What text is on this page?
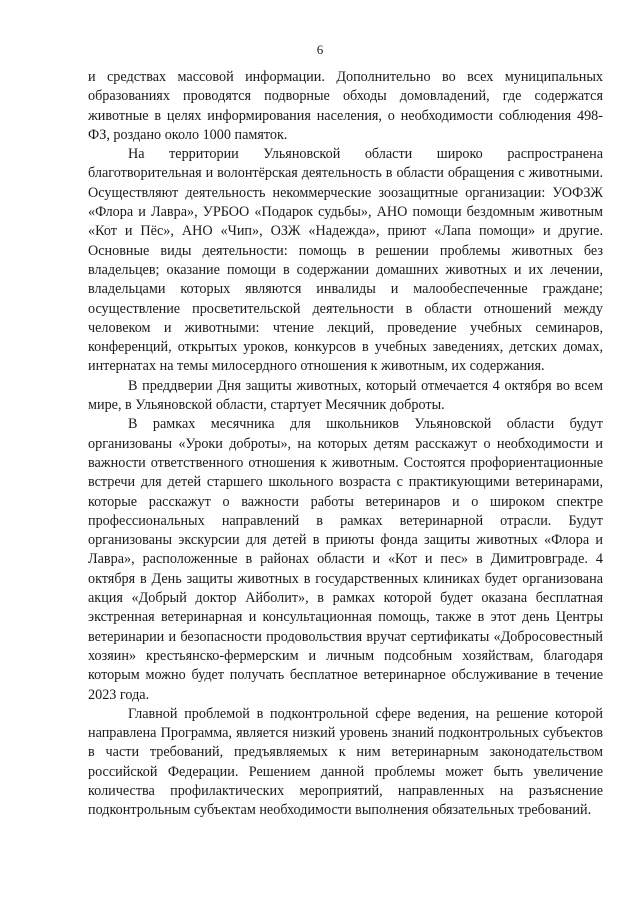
6

и средствах массовой информации. Дополнительно во всех муниципальных образованиях проводятся подворные обходы домовладений, где содержатся животные в целях информирования населения, о необходимости соблюдения 498-ФЗ, роздано около 1000 памяток.

На территории Ульяновской области широко распространена благотворительная и волонтёрская деятельность в области обращения с животными. Осуществляют деятельность некоммерческие зоозащитные организации: УОФЗЖ «Флора и Лавра», УРБОО «Подарок судьбы», АНО помощи бездомным животным «Кот и Пёс», АНО «Чип», ОЗЖ «Надежда», приют «Лапа помощи» и другие. Основные виды деятельности: помощь в решении проблемы животных без владельцев; оказание помощи в содержании домашних животных и их лечении, владельцами которых являются инвалиды и малообеспеченные граждане; осуществление просветительской деятельности в области отношений между человеком и животными: чтение лекций, проведение учебных семинаров, конференций, открытых уроков, конкурсов в учебных заведениях, детских домах, интернатах на темы милосердного отношения к животным, их содержания.

В преддверии Дня защиты животных, который отмечается 4 октября во всем мире, в Ульяновской области, стартует Месячник доброты.

В рамках месячника для школьников Ульяновской области будут организованы «Уроки доброты», на которых детям расскажут о необходимости и важности ответственного отношения к животным. Состоятся профориентационные встречи для детей старшего школьного возраста с практикующими ветеринарами, которые расскажут о важности работы ветеринаров и о широком спектре профессиональных направлений в рамках ветеринарной отрасли. Будут организованы экскурсии для детей в приюты фонда защиты животных «Флора и Лавра», расположенные в районах области и «Кот и пес» в Димитровграде. 4 октября в День защиты животных в государственных клиниках будет организована акция «Добрый доктор Айболит», в рамках которой будет оказана бесплатная экстренная ветеринарная и консультационная помощь, также в этот день Центры ветеринарии и безопасности продовольствия вручат сертификаты «Добросовестный хозяин» крестьянско-фермерским и личным подсобным хозяйствам, благодаря которым можно будет получать бесплатное ветеринарное обслуживание в течение 2023 года.

Главной проблемой в подконтрольной сфере ведения, на решение которой направлена Программа, является низкий уровень знаний подконтрольных субъектов в части требований, предъявляемых к ним ветеринарным законодательством российской Федерации. Решением данной проблемы может быть увеличение количества профилактических мероприятий, направленных на разъяснение подконтрольным субъектам необходимости выполнения обязательных требований.
